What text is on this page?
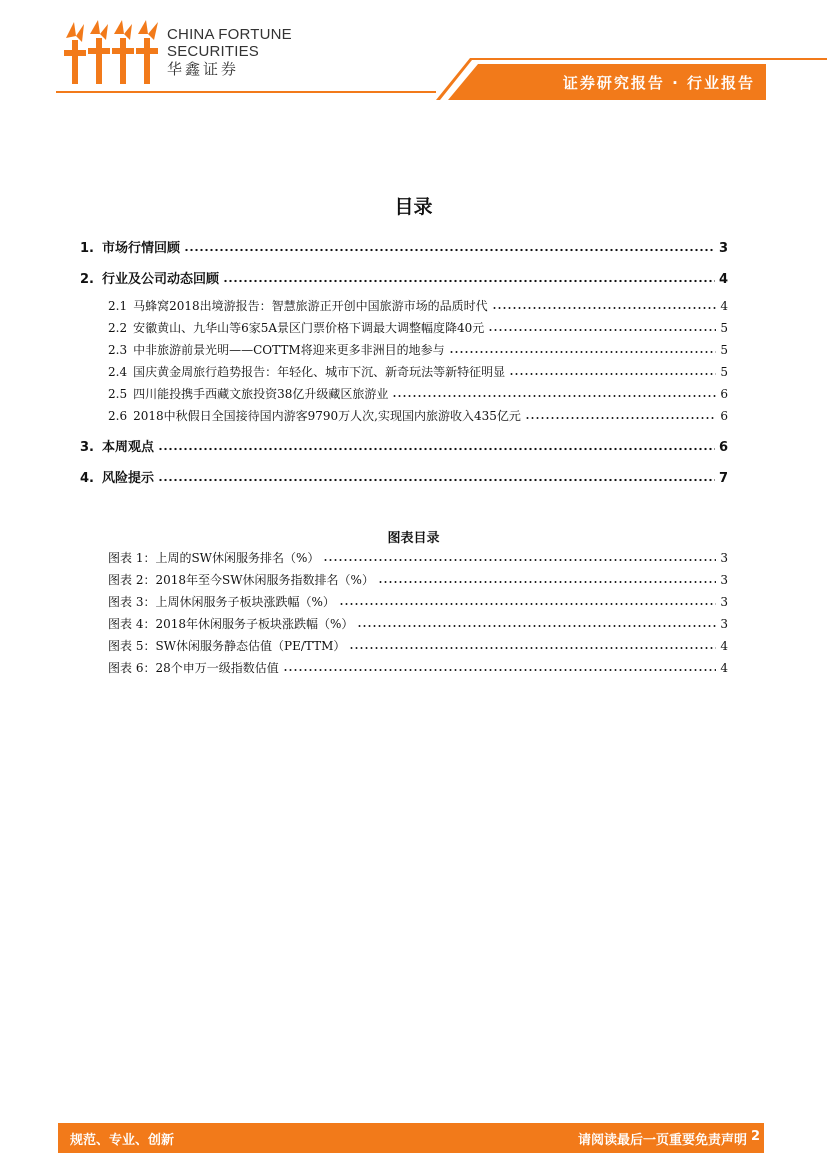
CHINA FORTUNE
SECURITIES
华鑫证券
证券研究报告 · 行业报告
目录
1. 市场行情回顾	3
2. 行业及公司动态回顾	4
2.1 马蜂窝2018出境游报告：智慧旅游正开创中国旅游市场的品质时代	4
2.2 安徽黄山、九华山等6家5A景区门票价格下调最大调整幅度降40元	5
2.3 中非旅游前景光明——COTTM将迎来更多非洲目的地参与	5
2.4 国庆黄金周旅行趋势报告：年轻化、城市下沉、新奇玩法等新特征明显	5
2.5 四川能投携手西藏文旅投资38亿升级藏区旅游业	6
2.6 2018中秋假日全国接待国内游客9790万人次,实现国内旅游收入435亿元	6
3. 本周观点	6
4. 风险提示	7
图表目录
图表 1：上周的SW休闲服务排名（%）	3
图表 2：2018年至今SW休闲服务指数排名（%）	3
图表 3：上周休闲服务子板块涨跌幅（%）	3
图表 4：2018年休闲服务子板块涨跌幅（%）	3
图表 5：SW休闲服务静态估值（PE/TTM）	4
图表 6：28个申万一级指数估值	4
规范、专业、创新	请阅读最后一页重要免责声明 2
